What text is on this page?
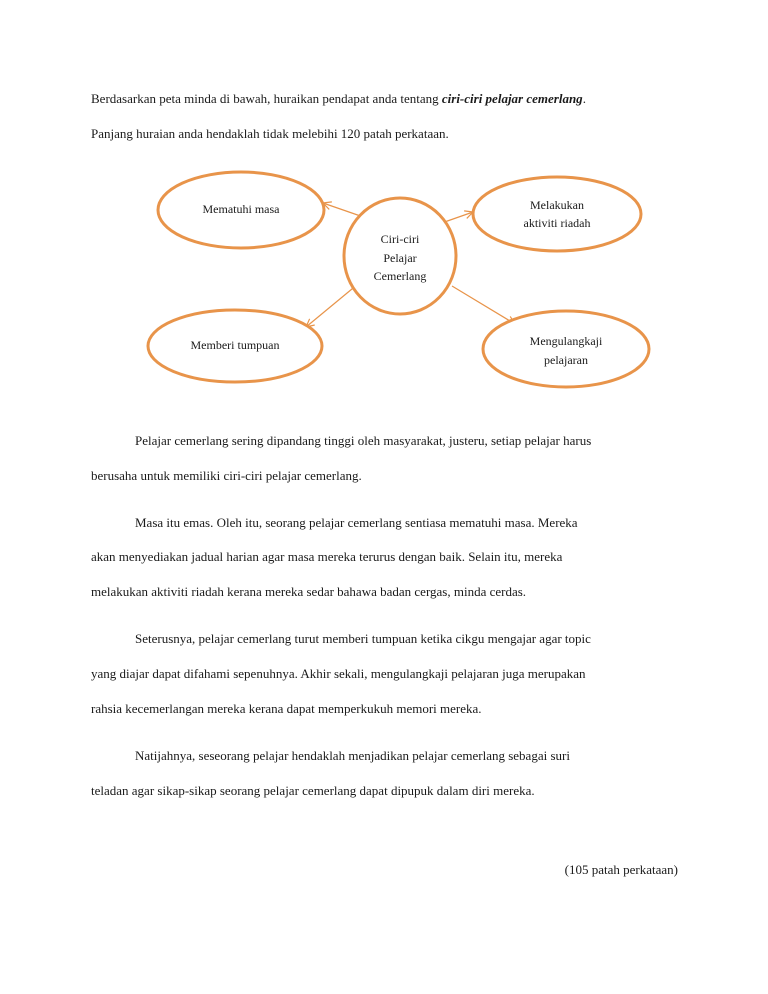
Berdasarkan peta minda di bawah, huraikan pendapat anda tentang ciri-ciri pelajar cemerlang.
Panjang huraian anda hendaklah tidak melebihi 120 patah perkataan.
Mematuhi masa	Melakukan
aktiviti riadah
Memberi tumpuan	Mengulangkaji
pelajaran
Ciri-ciri
Pelajar
Cemerlang
Pelajar cemerlang sering dipandang tinggi oleh masyarakat, justeru, setiap pelajar harus
berusaha untuk memiliki ciri-ciri pelajar cemerlang.
Masa itu emas. Oleh itu, seorang pelajar cemerlang sentiasa mematuhi masa. Mereka
akan menyediakan jadual harian agar masa mereka terurus dengan baik. Selain itu, mereka
melakukan aktiviti riadah kerana mereka sedar bahawa badan cergas, minda cerdas.
Seterusnya, pelajar cemerlang turut memberi tumpuan ketika cikgu mengajar agar topic
yang diajar dapat difahami sepenuhnya. Akhir sekali, mengulangkaji pelajaran juga merupakan
rahsia kecemerlangan mereka kerana dapat memperkukuh memori mereka.
Natijahnya, seseorang pelajar hendaklah menjadikan pelajar cemerlang sebagai suri
teladan agar sikap-sikap seorang pelajar cemerlang dapat dipupuk dalam diri mereka.
(105 patah perkataan)
